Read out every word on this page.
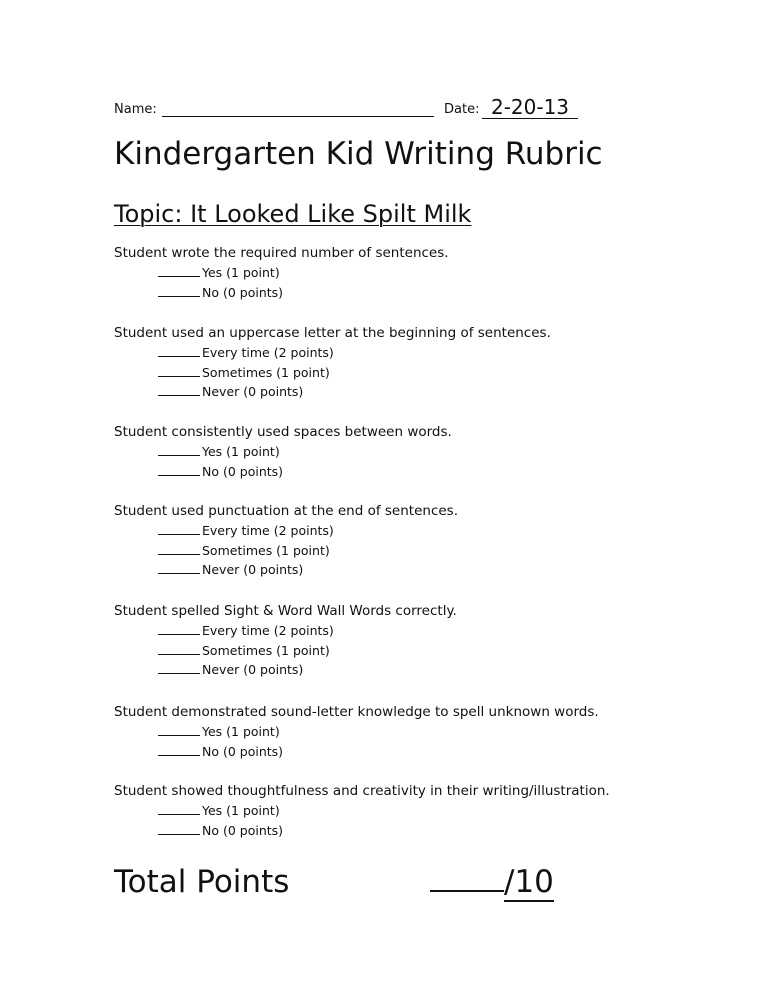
Name:	Date: 2-20-13
Kindergarten Kid Writing Rubric
Topic: It Looked Like Spilt Milk
Student wrote the required number of sentences.
Yes (1 point)
No (0 points)
Student used an uppercase letter at the beginning of sentences.
Every time (2 points)
Sometimes (1 point)
Never (0 points)
Student consistently used spaces between words.
Yes (1 point)
No (0 points)
Student used punctuation at the end of sentences.
Every time (2 points)
Sometimes (1 point)
Never (0 points)
Student spelled Sight & Word Wall Words correctly.
Every time (2 points)
Sometimes (1 point)
Never (0 points)
Student demonstrated sound-letter knowledge to spell unknown words.
Yes (1 point)
No (0 points)
Student showed thoughtfulness and creativity in their writing/illustration.
Yes (1 point)
No (0 points)
Total Points	/10
